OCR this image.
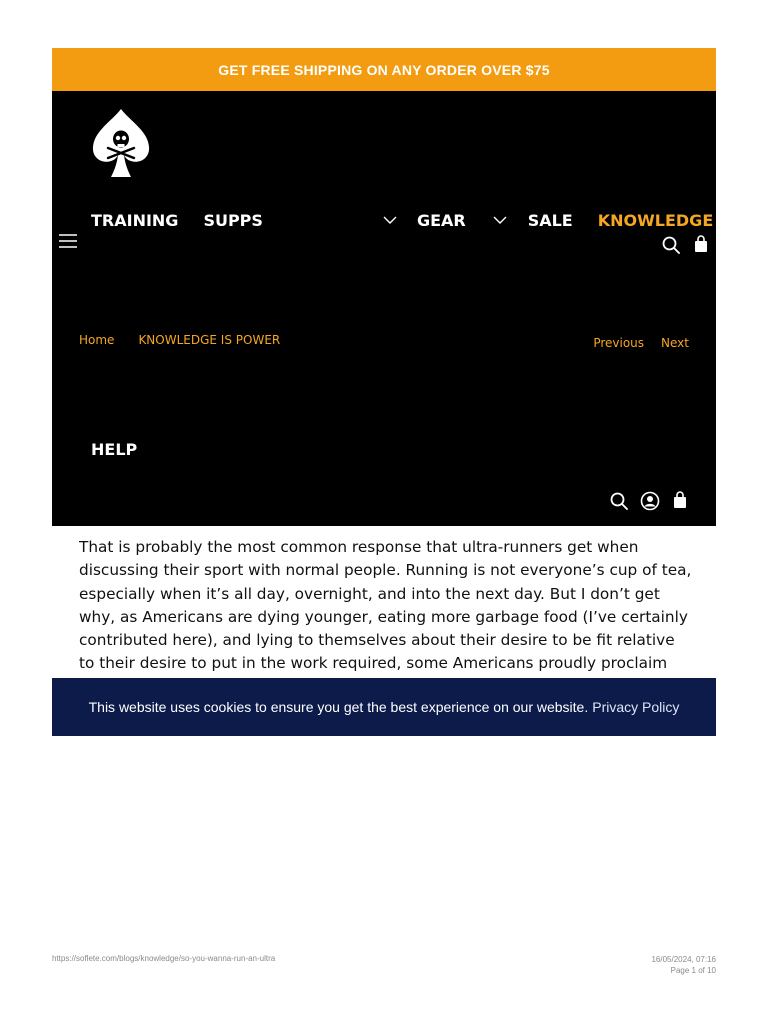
GET FREE SHIPPING ON ANY ORDER OVER $75
TRAINING SUPPS	GEAR	SALE KNOWLEDGE
Home KNOWLEDGE IS POWER	Previous Next
HELP

That is probably the most common response that ultra-runners get when discussing their sport with normal people. Running is not everyone’s cup of tea, especially when it’s all day, overnight, and into the next day. But I don’t get why, as Americans are dying younger, eating more garbage food (I’ve certainly contributed here), and lying to themselves about their desire to be fit relative to their desire to put in the work required, some Americans proudly proclaim

This website uses cookies to ensure you get the best experience on our website. Privacy Policy
https://soflete.com/blogs/knowledge/so-you-wanna-run-an-ultra	16/05/2024, 07:16
Page 1 of 10
